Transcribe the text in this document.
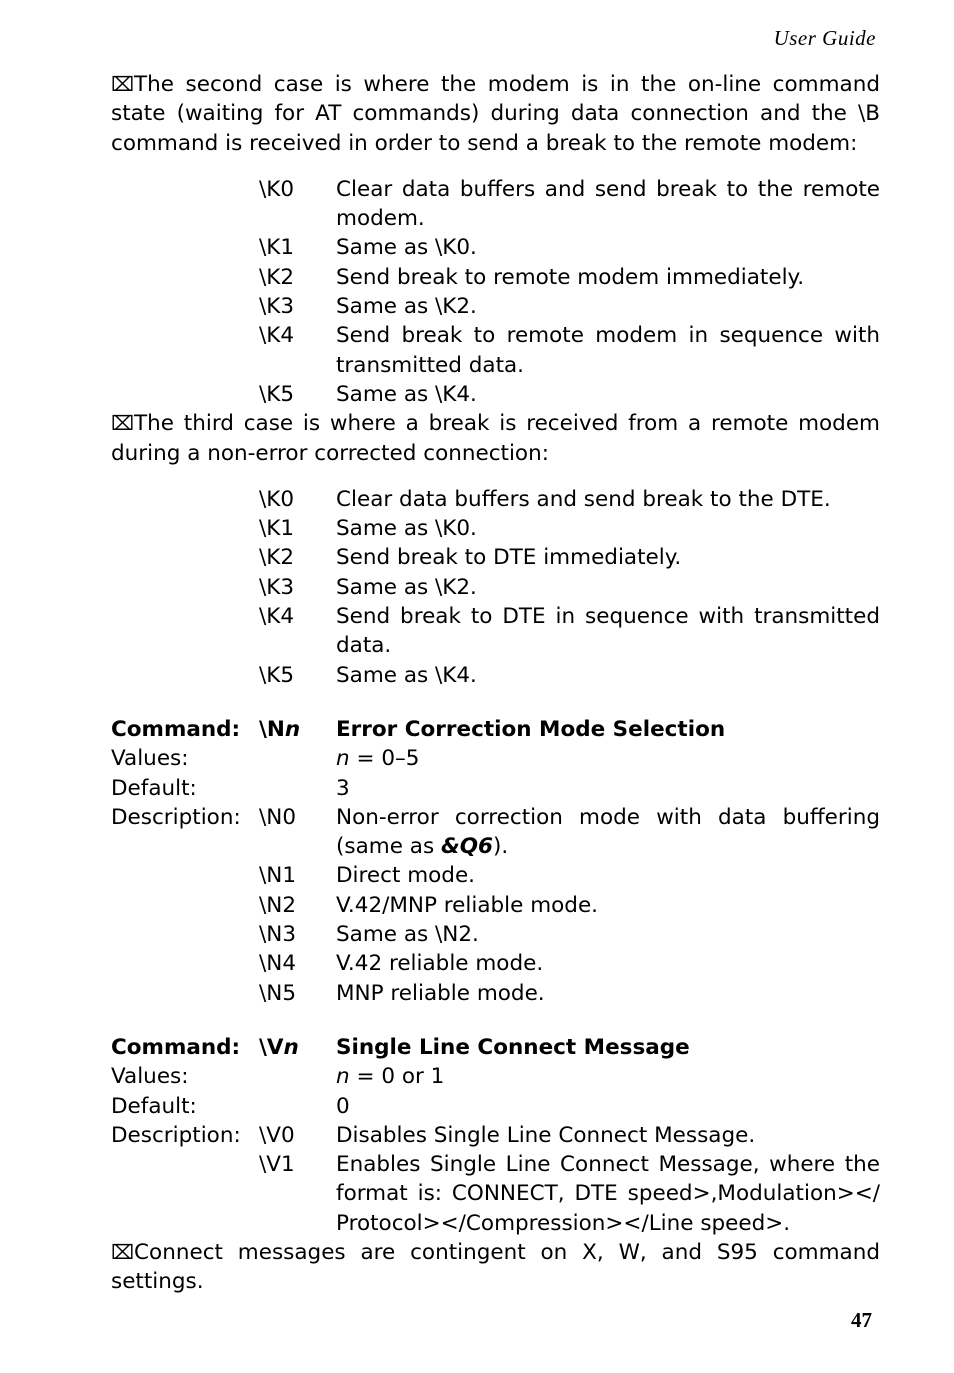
User Guide
⌧The second case is where the modem is in the on-line command state (waiting for AT commands) during data connection and the \B command is received in order to send a break to the remote modem:
\K0	Clear data buffers and send break to the remote modem.
\K1	Same as \K0.
\K2	Send break to remote modem immediately.
\K3	Same as \K2.
\K4	Send break to remote modem in sequence with transmitted data.
\K5	Same as \K4.
⌧The third case is where a break is received from a remote modem during a non-error corrected connection:
\K0	Clear data buffers and send break to the DTE.
\K1	Same as \K0.
\K2	Send break to DTE immediately.
\K3	Same as \K2.
\K4	Send break to DTE in sequence with transmitted data.
\K5	Same as \K4.
Command: \Nn	Error Correction Mode Selection
Values:	n = 0–5
Default:	3
Description: \N0	Non-error correction mode with data buffering (same as &Q6).
\N1	Direct mode.
\N2	V.42/MNP reliable mode.
\N3	Same as \N2.
\N4	V.42 reliable mode.
\N5	MNP reliable mode.
Command: \Vn	Single Line Connect Message
Values:	n = 0 or 1
Default:	0
Description: \V0	Disables Single Line Connect Message.
\V1	Enables Single Line Connect Message, where the format is: CONNECT, DTE speed>,Modulation></ Protocol></Compression></Line speed>.
⌧Connect messages are contingent on X, W, and S95 command settings.
47
